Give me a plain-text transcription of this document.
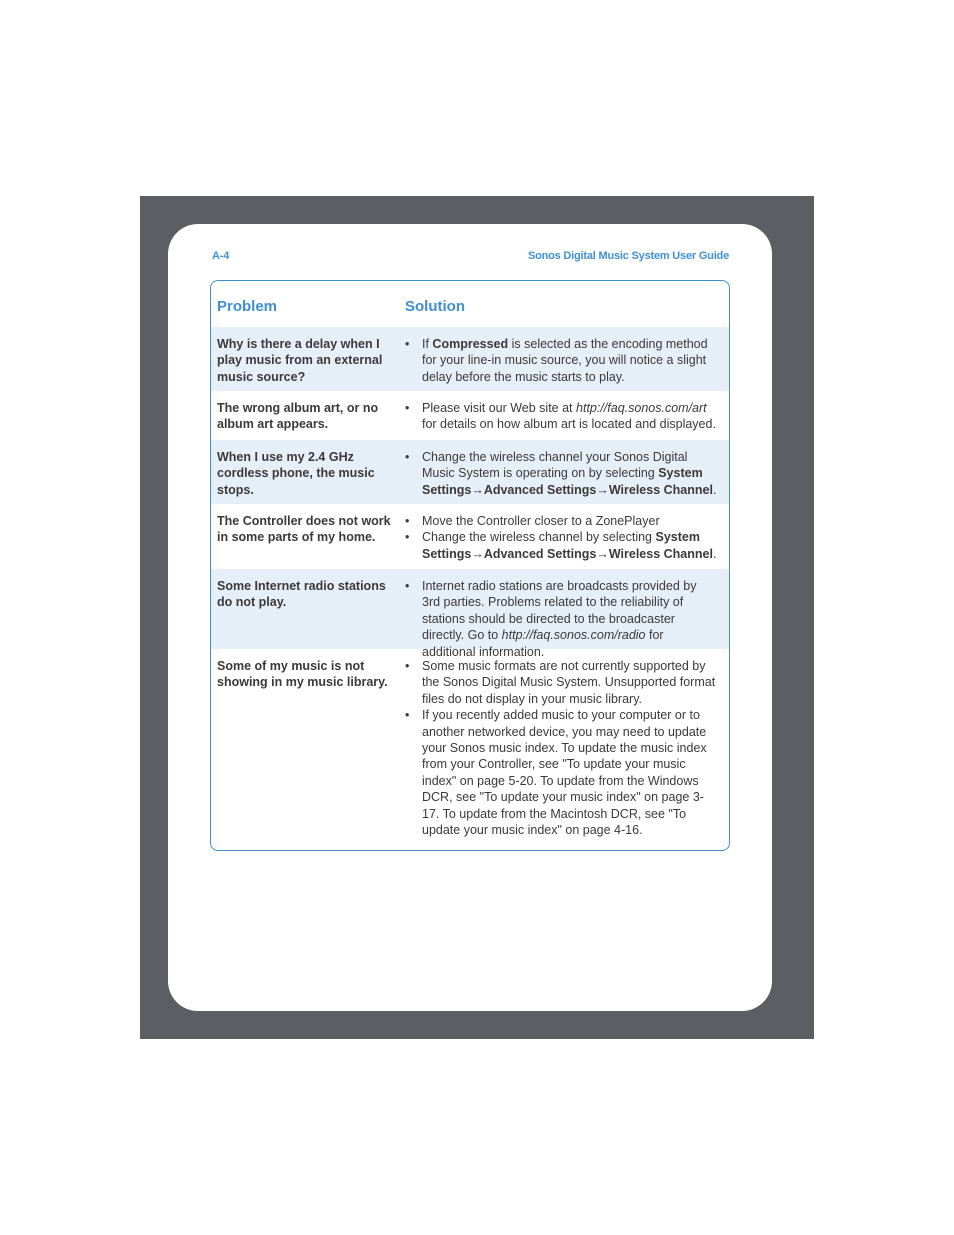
A-4	Sonos Digital Music System User Guide
Problem	Solution
Why is there a delay when I play music from an external music source?
• If Compressed is selected as the encoding method for your line-in music source, you will notice a slight delay before the music starts to play.
The wrong album art, or no album art appears.
• Please visit our Web site at http://faq.sonos.com/art for details on how album art is located and displayed.
When I use my 2.4 GHz cordless phone, the music stops.
• Change the wireless channel your Sonos Digital Music System is operating on by selecting System Settings→Advanced Settings→Wireless Channel.
The Controller does not work in some parts of my home.
• Move the Controller closer to a ZonePlayer
• Change the wireless channel by selecting System Settings→Advanced Settings→Wireless Channel.
Some Internet radio stations do not play.
• Internet radio stations are broadcasts provided by 3rd parties. Problems related to the reliability of stations should be directed to the broadcaster directly. Go to http://faq.sonos.com/radio for additional information.
Some of my music is not showing in my music library.
• Some music formats are not currently supported by the Sonos Digital Music System. Unsupported format files do not display in your music library.
• If you recently added music to your computer or to another networked device, you may need to update your Sonos music index. To update the music index from your Controller, see "To update your music index" on page 5-20. To update from the Windows DCR, see "To update your music index" on page 3-17. To update from the Macintosh DCR, see "To update your music index" on page 4-16.
